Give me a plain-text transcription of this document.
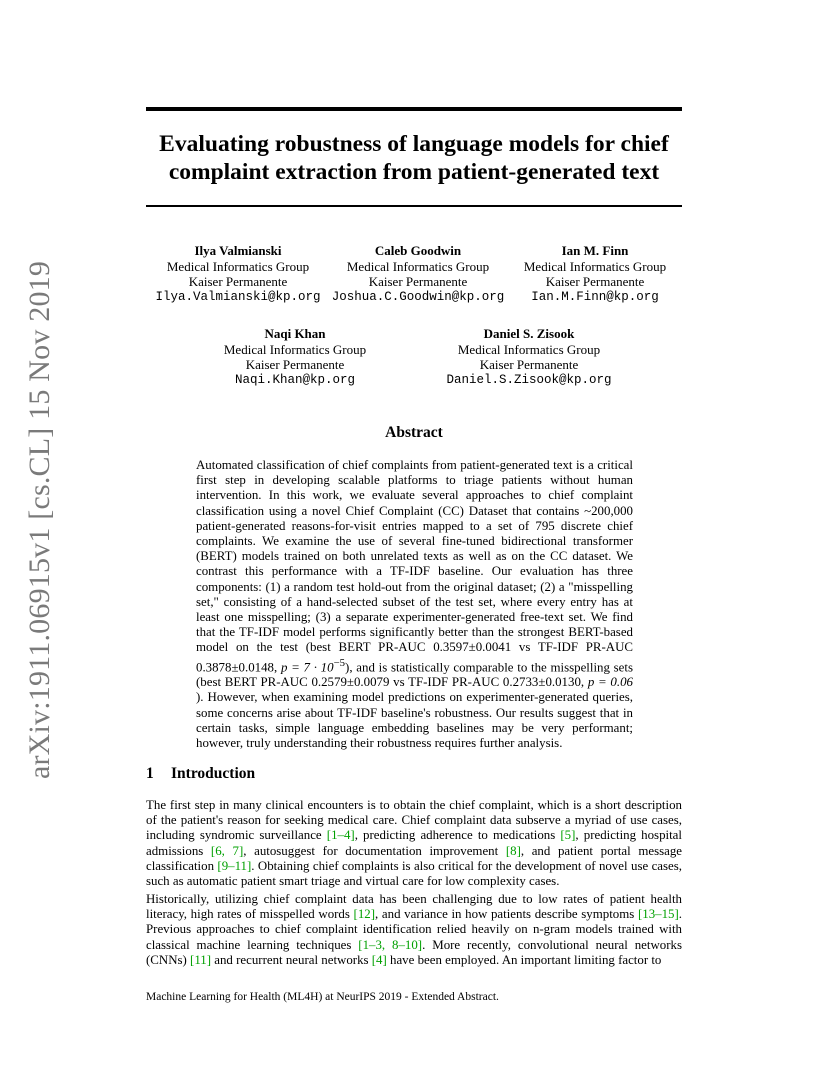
arXiv:1911.06915v1 [cs.CL] 15 Nov 2019
Evaluating robustness of language models for chief
complaint extraction from patient-generated text
Ilya Valmianski
Medical Informatics Group
Kaiser Permanente
Ilya.Valmianski@kp.org
Caleb Goodwin
Medical Informatics Group
Kaiser Permanente
Joshua.C.Goodwin@kp.org
Ian M. Finn
Medical Informatics Group
Kaiser Permanente
Ian.M.Finn@kp.org
Naqi Khan
Medical Informatics Group
Kaiser Permanente
Naqi.Khan@kp.org
Daniel S. Zisook
Medical Informatics Group
Kaiser Permanente
Daniel.S.Zisook@kp.org
Abstract

Automated classification of chief complaints from patient-generated text is a critical first step in developing scalable platforms to triage patients without human intervention. In this work, we evaluate several approaches to chief complaint classification using a novel Chief Complaint (CC) Dataset that contains ~200,000 patient-generated reasons-for-visit entries mapped to a set of 795 discrete chief complaints. We examine the use of several fine-tuned bidirectional transformer (BERT) models trained on both unrelated texts as well as on the CC dataset. We contrast this performance with a TF-IDF baseline. Our evaluation has three components: (1) a random test hold-out from the original dataset; (2) a "misspelling set," consisting of a hand-selected subset of the test set, where every entry has at least one misspelling; (3) a separate experimenter-generated free-text set. We find that the TF-IDF model performs significantly better than the strongest BERT-based model on the test (best BERT PR-AUC 0.3597±0.0041 vs TF-IDF PR-AUC 0.3878±0.0148, $p = 7 \cdot 10^{-5}$), and is statistically comparable to the misspelling sets (best BERT PR-AUC 0.2579±0.0079 vs TF-IDF PR-AUC 0.2733±0.0130, p = 0.06 ). However, when examining model predictions on experimenter-generated queries, some concerns arise about TF-IDF baseline's robustness. Our results suggest that in certain tasks, simple language embedding baselines may be very performant; however, truly understanding their robustness requires further analysis.

1 Introduction

The first step in many clinical encounters is to obtain the chief complaint, which is a short description of the patient's reason for seeking medical care. Chief complaint data subserve a myriad of use cases, including syndromic surveillance [1–4], predicting adherence to medications [5], predicting hospital admissions [6, 7], autosuggest for documentation improvement [8], and patient portal message classification [9–11]. Obtaining chief complaints is also critical for the development of novel use cases, such as automatic patient smart triage and virtual care for low complexity cases.

Historically, utilizing chief complaint data has been challenging due to low rates of patient health literacy, high rates of misspelled words [12], and variance in how patients describe symptoms [13–15]. Previous approaches to chief complaint identification relied heavily on n-gram models trained with classical machine learning techniques [1–3, 8–10]. More recently, convolutional neural networks (CNNs) [11] and recurrent neural networks [4] have been employed. An important limiting factor to

Machine Learning for Health (ML4H) at NeurIPS 2019 - Extended Abstract.
